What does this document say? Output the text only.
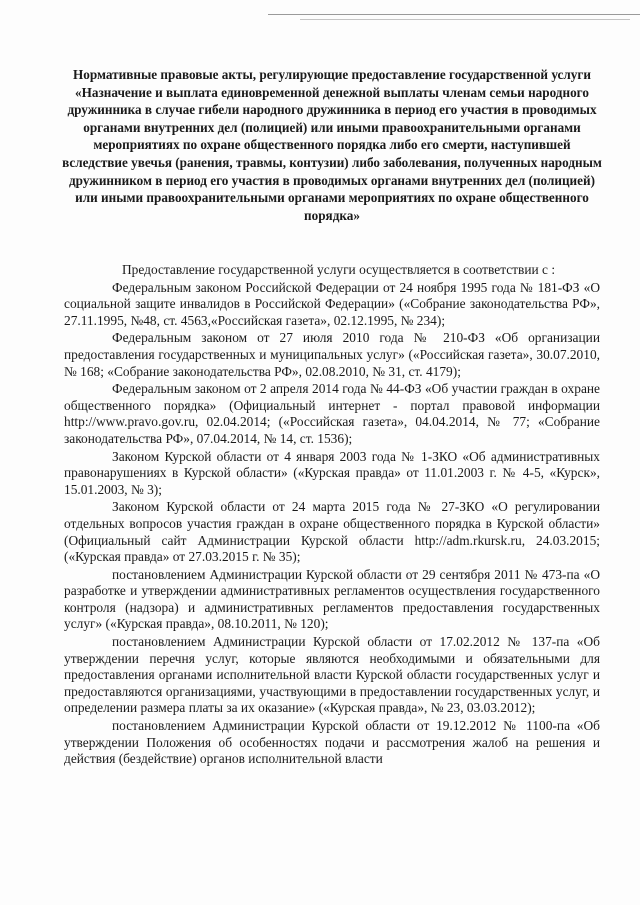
Нормативные правовые акты, регулирующие предоставление государственной услуги «Назначение и выплата единовременной денежной выплаты членам семьи народного дружинника в случае гибели народного дружинника в период его участия в проводимых органами внутренних дел (полицией) или иными правоохранительными органами мероприятиях по охране общественного порядка либо его смерти, наступившей вследствие увечья (ранения, травмы, контузии) либо заболевания, полученных народным дружинником в период его участия в проводимых органами внутренних дел (полицией) или иными правоохранительными органами мероприятиях по охране общественного порядка»

Предоставление государственной услуги осуществляется в соответствии с :

Федеральным законом Российской Федерации от 24 ноября 1995 года № 181-ФЗ «О социальной защите инвалидов в Российской Федерации» («Собрание законодательства РФ», 27.11.1995, №48, ст. 4563,«Российская газета», 02.12.1995, № 234);

Федеральным законом от 27 июля 2010 года № 210-ФЗ «Об организации предоставления государственных и муниципальных услуг» («Российская газета», 30.07.2010, № 168; «Собрание законодательства РФ», 02.08.2010, № 31, ст. 4179);

Федеральным законом от 2 апреля 2014 года № 44-ФЗ «Об участии граждан в охране общественного порядка» (Официальный интернет - портал правовой информации http://www.pravo.gov.ru, 02.04.2014; («Российская газета», 04.04.2014, № 77; «Собрание законодательства РФ», 07.04.2014, № 14, ст. 1536);

Законом Курской области от 4 января 2003 года № 1-ЗКО «Об административных правонарушениях в Курской области» («Курская правда» от 11.01.2003 г. № 4-5, «Курск», 15.01.2003, № 3);

Законом Курской области от 24 марта 2015 года № 27-ЗКО «О регулировании отдельных вопросов участия граждан в охране общественного порядка в Курской области» (Официальный сайт Администрации Курской области http://adm.rkursk.ru, 24.03.2015; («Курская правда» от 27.03.2015 г. № 35);

постановлением Администрации Курской области от 29 сентября 2011 № 473-па «О разработке и утверждении административных регламентов осуществления государственного контроля (надзора) и административных регламентов предоставления государственных услуг» («Курская правда», 08.10.2011, № 120);

постановлением Администрации Курской области от 17.02.2012 № 137-па «Об утверждении перечня услуг, которые являются необходимыми и обязательными для предоставления органами исполнительной власти Курской области государственных услуг и предоставляются организациями, участвующими в предоставлении государственных услуг, и определении размера платы за их оказание» («Курская правда», № 23, 03.03.2012);

постановлением Администрации Курской области от 19.12.2012 № 1100-па «Об утверждении Положения об особенностях подачи и рассмотрения жалоб на решения и действия (бездействие) органов исполнительной власти
